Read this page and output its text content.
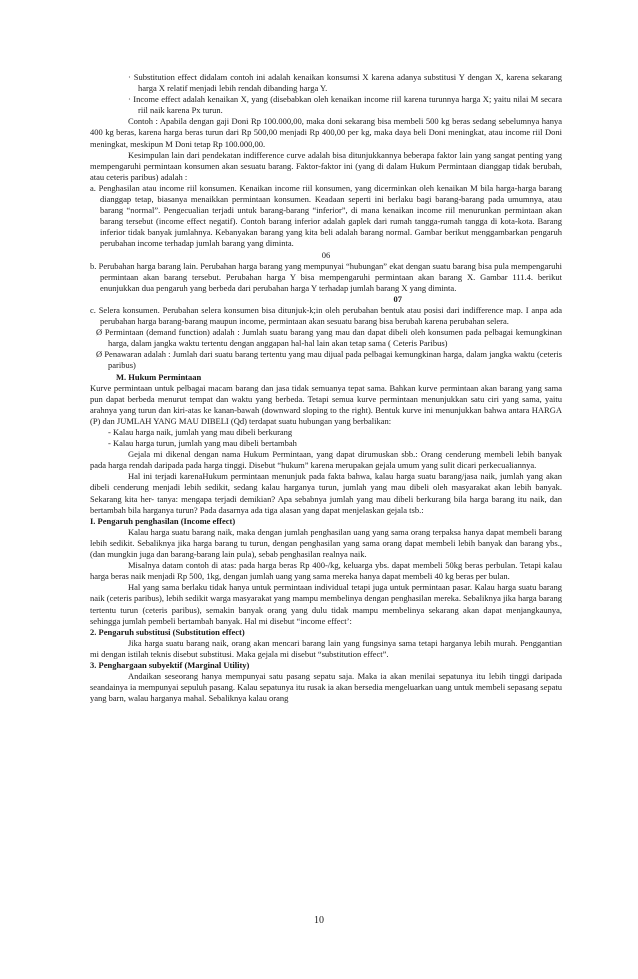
· Substitution effect didalam contoh ini adalah kenaikan konsumsi X karena adanya substitusi Y dengan X, karena sekarang harga X relatif menjadi lebih rendah dibanding harga Y.

· Income effect adalah kenaikan X, yang (disebabkan oleh kenaikan income riil karena turunnya harga X; yaitu nilai M secara riil naik karena Px turun.

Contoh : Apabila dengan gaji Doni Rp 100.000,00, maka doni sekarang bisa membeli 500 kg beras sedang sebelumnya hanya 400 kg beras, karena harga beras turun dari Rp 500,00 menjadi Rp 400,00 per kg, maka daya beli Doni meningkat, atau income riil Doni meningkat, meskipun M Doni tetap Rp 100.000,00.

Kesimpulan lain dari pendekatan indifference curve adalah bisa ditunjukkannya beberapa faktor lain yang sangat penting yang mempengaruhi permintaan konsumen akan sesuatu barang. Faktor-faktor ini (yang di dalam Hukum Permintaan dianggap tidak berubah, atau ceteris paribus) adalah :

a. Penghasilan atau income riil konsumen. Kenaikan income riil konsumen, yang dicerminkan oleh kenaikan M bila harga-harga barang dianggap tetap, biasanya menaikkan permintaan konsumen. Keadaan seperti ini berlaku bagi barang-barang pada umumnya, atau barang “normal”. Pengecualian terjadi untuk barang-barang “inferior”, di mana kenaikan income riil menurunkan permintaan akan barang tersebut (income effect negatif). Contoh barang inferior adalah gaplek dari rumah tangga-rumah tangga di kota-kota. Barang inferior tidak banyak jumlahnya. Kebanyakan barang yang kita beli adalah barang normal. Gambar berikut menggambarkan pengaruh perubahan income terhadap jumlah barang yang diminta.

06

b. Perubahan harga barang lain. Perubahan harga barang yang mempunyai “hubungan” ekat dengan suatu barang bisa pula mempengaruhi permintaan akan barang tersebut. Perubahan harga Y bisa mempengaruhi permintaan akan barang X. Gambar 111.4. berikut enunjukkan dua pengaruh yang berbeda dari perubahan harga Y terhadap jumlah barang X yang diminta.

07

c. Selera konsumen. Perubahan selera konsumen bisa ditunjuk-k;in oleh perubahan bentuk atau posisi dari indifference map. I anpa ada perubahan harga barang-barang maupun income, permintaan akan sesuatu barang bisa berubah karena perubahan selera.

Ø Permintaan (demand function) adalah : Jumlah suatu barang yang mau dan dapat dibeli oleh konsumen pada pelbagai kemungkinan harga, dalam jangka waktu tertentu dengan anggapan hal-hal lain akan tetap sama ( Ceteris Paribus)

Ø Penawaran adalah : Jumlah dari suatu barang tertentu yang mau dijual pada pelbagai kemungkinan harga, dalam jangka waktu (ceteris paribus)

M. Hukum Permintaan

Kurve permintaan untuk pelbagai macam barang dan jasa tidak semuanya tepat sama. Bahkan kurve permintaan akan barang yang sama pun dapat berbeda menurut tempat dan waktu yang berbeda. Tetapi semua kurve permintaan menunjukkan satu ciri yang sama, yaitu arahnya yang turun dan kiri-atas ke kanan-bawah (downward sloping to the right). Bentuk kurve ini menunjukkan bahwa antara HARGA (P) dan JUMLAH YANG MAU DIBELI (Qd) terdapat suatu hubungan yang berbalikan:

- Kalau harga naik, jumlah yang mau dibeli berkurang

- Kalau harga turun, jumlah yang mau dibeli bertambah

Gejala mi dikenal dengan nama Hukum Permintaan, yang dapat dirumuskan sbb.: Orang cenderung membeli lebih banyak pada harga rendah daripada pada harga tinggi. Disebut “hukum” karena merupakan gejala umum yang sulit dicari perkecualiannya.

Hal ini terjadi karenaHukum permintaan menunjuk pada fakta bahwa, kalau harga suatu barang/jasa naik, jumlah yang akan dibeli cenderung menjadi lebih sedikit, sedang kalau harganya turun, jumlah yang mau dibeli oleh masyarakat akan lebih banyak. Sekarang kita her- tanya: mengapa terjadi demikian? Apa sebabnya jumlah yang mau dibeli berkurang bila harga barang itu naik, dan bertambah bila harganya turun? Pada dasarnya ada tiga alasan yang dapat menjelaskan gejala tsb.:

I. Pengaruh penghasilan (Income effect)

Kalau harga suatu barang naik, maka dengan jumlah penghasilan uang yang sama orang terpaksa hanya dapat membeli barang lebih sedikit. Sebaliknya jika harga barang tu turun, dengan penghasilan yang sama orang dapat membeli lebih banyak dan barang ybs., (dan mungkin juga dan barang-barang lain pula), sebab penghasilan realnya naik.

Misalnya datam contoh di atas: pada harga beras Rp 400-/kg, keluarga ybs. dapat membeli 50kg beras perbulan. Tetapi kalau harga beras naik menjadi Rp 500, 1kg, dengan jumlah uang yang sama mereka hanya dapat membeli 40 kg beras per bulan.

Hal yang sama berlaku tidak hanya untuk permintaan individual tetapi juga untuk permintaan pasar. Kalau harga suatu barang naik (ceteris paribus), lebih sedikit warga masyarakat yang mampu membelinya dengan penghasilan mereka. Sebaliknya jika harga barang tertentu turun (ceteris paribus), semakin banyak orang yang dulu tidak mampu membelinya sekarang akan dapat menjangkaunya, sehingga jumlah pembeli bertambah banyak. Hal mi disebut “income effect’:

2. Pengaruh substitusi (Substitution effect)

Jika harga suatu barang naik, orang akan mencari barang lain yang fungsinya sama tetapi harganya lebih murah. Penggantian mi dengan istilah teknis disebut substitusi. Maka gejala mi disebut “substitution effect”.

3. Penghargaan subyektif (Marginal Utility)

Andaikan seseorang hanya mempunyai satu pasang sepatu saja. Maka ia akan menilai sepatunya itu lebih tinggi daripada seandainya ia mempunyai sepuluh pasang. Kalau sepatunya itu rusak ia akan bersedia mengeluarkan uang untuk membeli sepasang sepatu yang barn, walau harganya mahal. Sebaliknya kalau orang

10
